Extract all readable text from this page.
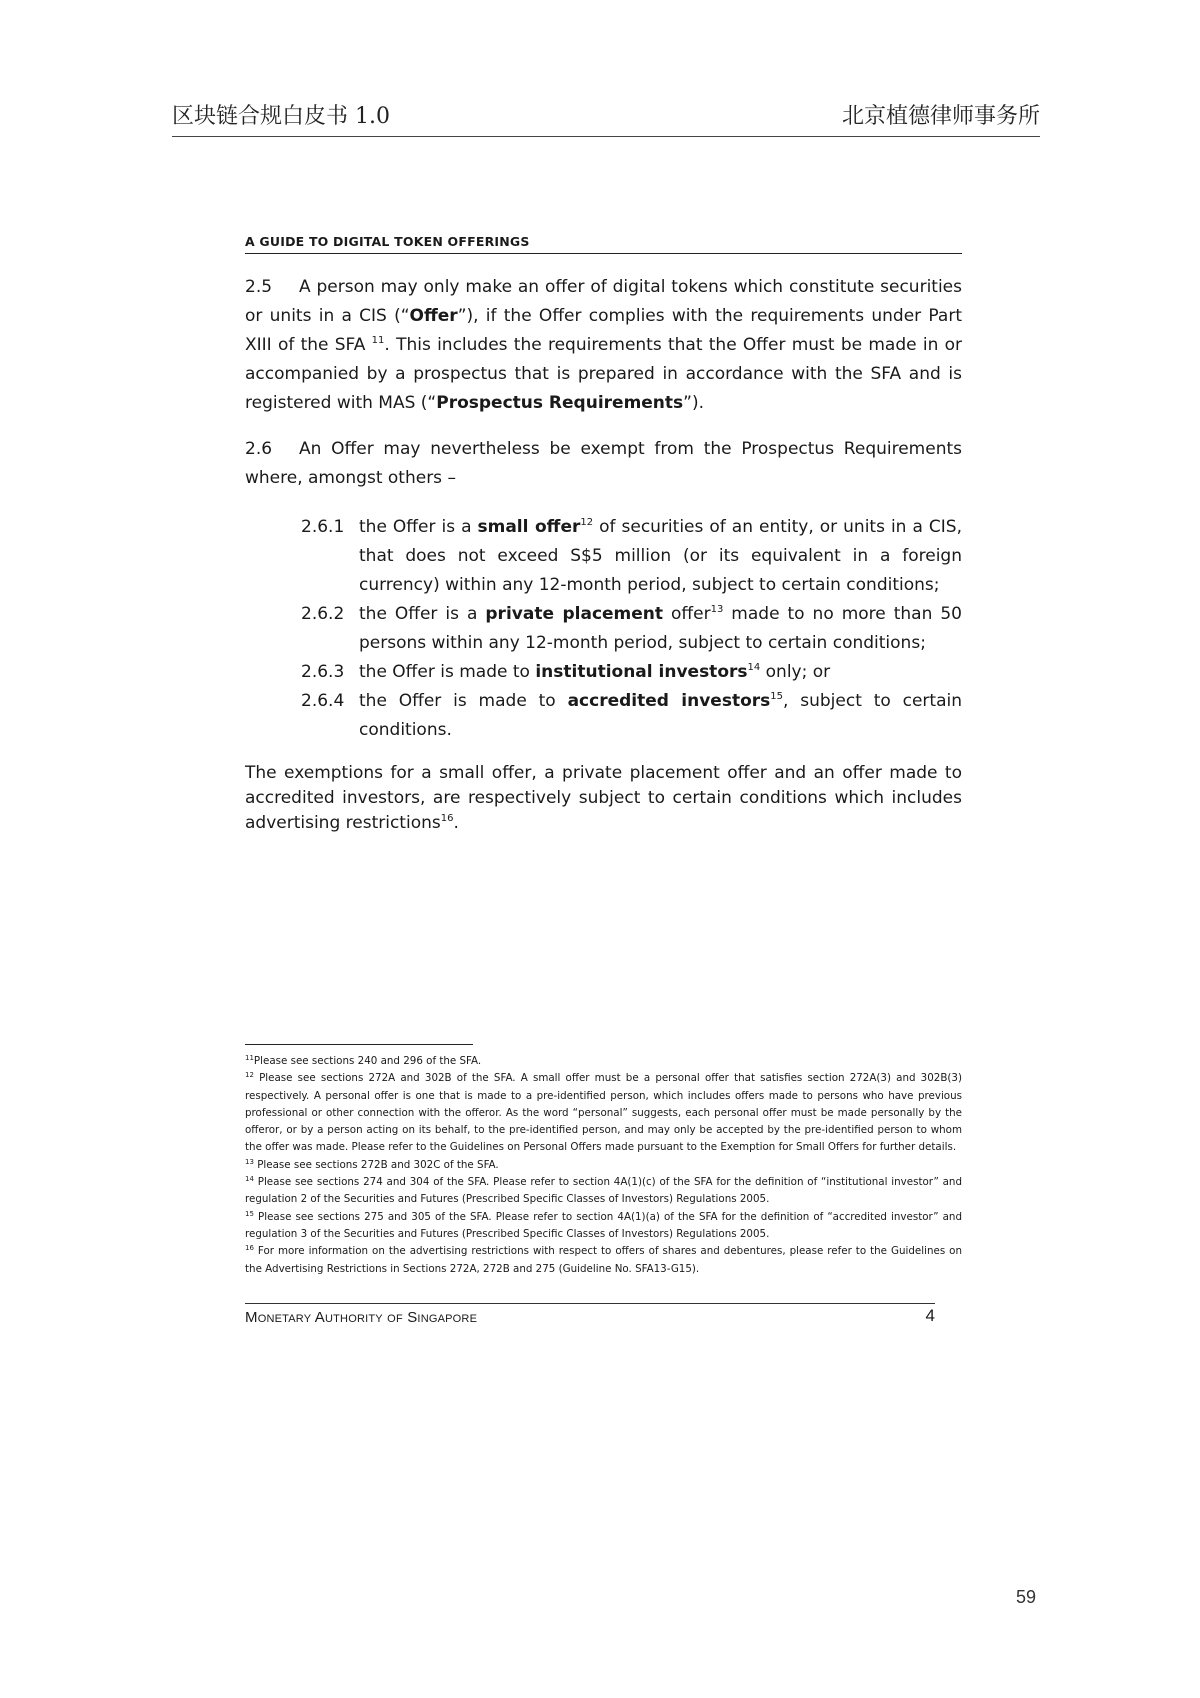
区块链合规白皮书 1.0	北京植德律师事务所
A GUIDE TO DIGITAL TOKEN OFFERINGS

2.5 A person may only make an offer of digital tokens which constitute securities or units in a CIS (“Offer”), if the Offer complies with the requirements under Part XIII of the SFA $^{11}$. This includes the requirements that the Offer must be made in or accompanied by a prospectus that is prepared in accordance with the SFA and is registered with MAS (“Prospectus Requirements”).

2.6 An Offer may nevertheless be exempt from the Prospectus Requirements where, amongst others –

2.6.1 the Offer is a small offer$^{12}$ of securities of an entity, or units in a CIS, that does not exceed S$5 million (or its equivalent in a foreign currency) within any 12-month period, subject to certain conditions;
2.6.2 the Offer is a private placement offer$^{13}$ made to no more than 50 persons within any 12-month period, subject to certain conditions;
2.6.3 the Offer is made to institutional investors$^{14}$ only; or
2.6.4 the Offer is made to accredited investors$^{15}$, subject to certain conditions.

The exemptions for a small offer, a private placement offer and an offer made to accredited investors, are respectively subject to certain conditions which includes advertising restrictions$^{16}$.

$^{11}$Please see sections 240 and 296 of the SFA.

$^{12}$ Please see sections 272A and 302B of the SFA. A small offer must be a personal offer that satisfies section 272A(3) and 302B(3) respectively. A personal offer is one that is made to a pre-identified person, which includes offers made to persons who have previous professional or other connection with the offeror. As the word “personal” suggests, each personal offer must be made personally by the offeror, or by a person acting on its behalf, to the pre-identified person, and may only be accepted by the pre-identified person to whom the offer was made. Please refer to the Guidelines on Personal Offers made pursuant to the Exemption for Small Offers for further details.

$^{13}$ Please see sections 272B and 302C of the SFA.

$^{14}$ Please see sections 274 and 304 of the SFA. Please refer to section 4A(1)(c) of the SFA for the definition of “institutional investor” and regulation 2 of the Securities and Futures (Prescribed Specific Classes of Investors) Regulations 2005.

$^{15}$ Please see sections 275 and 305 of the SFA. Please refer to section 4A(1)(a) of the SFA for the definition of “accredited investor” and regulation 3 of the Securities and Futures (Prescribed Specific Classes of Investors) Regulations 2005.

$^{16}$ For more information on the advertising restrictions with respect to offers of shares and debentures, please refer to the Guidelines on the Advertising Restrictions in Sections 272A, 272B and 275 (Guideline No. SFA13-G15).

Monetary Authority of Singapore	4
59
